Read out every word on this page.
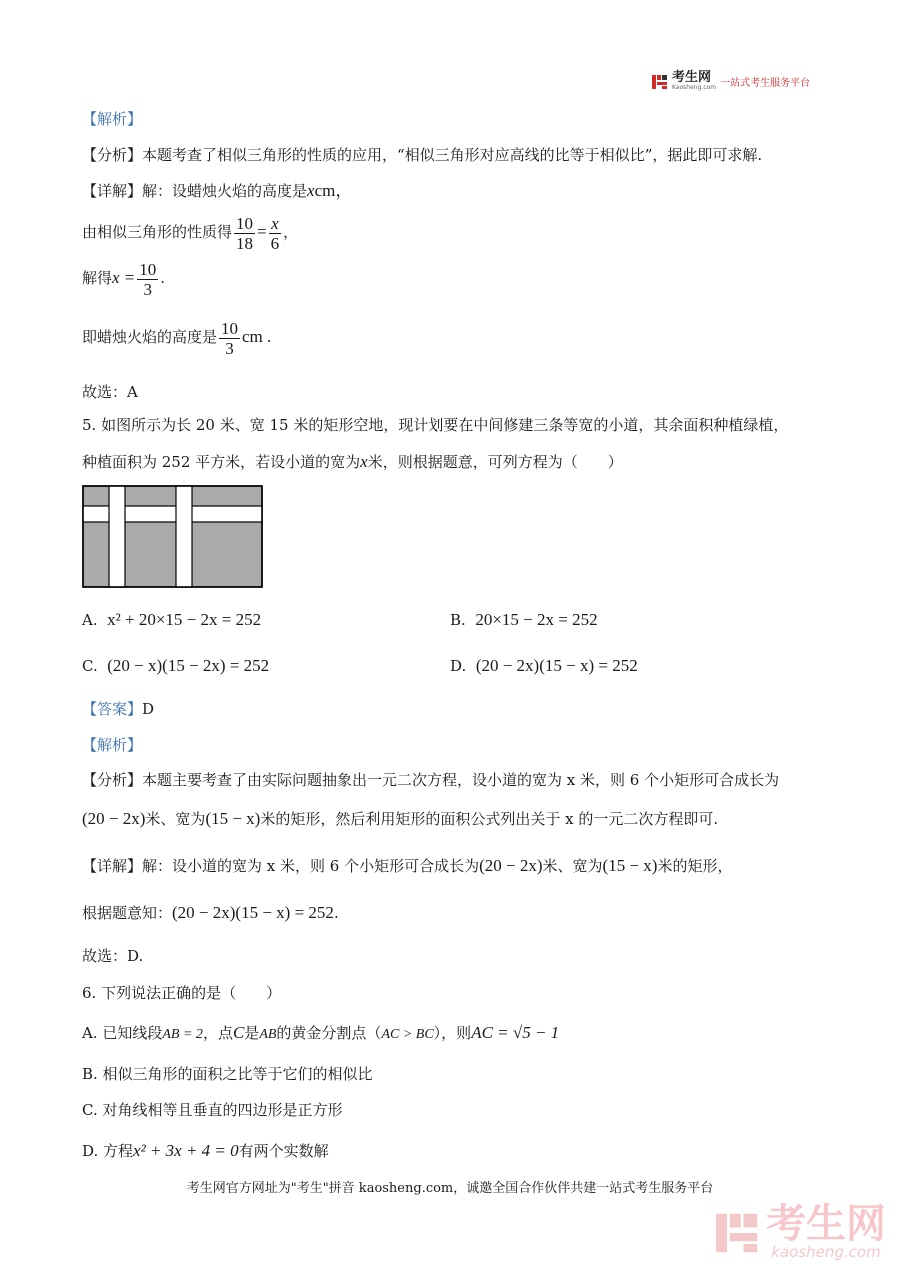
考生网
Kaosheng.com 一站式考生服务平台
【解析】
【分析】本题考查了相似三角形的性质的应用，“相似三角形对应高线的比等于相似比”，据此即可求解.
【详解】解：设蜡烛火焰的高度是xcm，
由相似三角形的性质得 $\frac{10}{18} = \frac{x}{6}$ ，
解得$x = \frac{10}{3}$ .
即蜡烛火焰的高度是 $\frac{10}{3}$ cm .
故选：A
5. 如图所示为长 20 米、宽 15 米的矩形空地，现计划要在中间修建三条等宽的小道，其余面积种植绿植，
种植面积为 252 平方米，若设小道的宽为x米，则根据题意，可列方程为（　　）
A. x² + 20×15 − 2x = 252	B. 20×15 − 2x = 252
C. (20 − x)(15 − 2x) = 252	D. (20 − 2x)(15 − x) = 252
【答案】D
【解析】
【分析】本题主要考查了由实际问题抽象出一元二次方程，设小道的宽为 x 米，则 6 个小矩形可合成长为
(20 − 2x)米、宽为(15 − x)米的矩形，然后利用矩形的面积公式列出关于 x 的一元二次方程即可.
【详解】解：设小道的宽为 x 米，则 6 个小矩形可合成长为(20 − 2x)米、宽为(15 − x)米的矩形，
根据题意知：(20 − 2x)(15 − x) = 252.
故选：D.
6. 下列说法正确的是（　　）
A. 已知线段AB = 2，点C是AB的黄金分割点（AC > BC），则AC = √5 − 1
B. 相似三角形的面积之比等于它们的相似比
C. 对角线相等且垂直的四边形是正方形
D. 方程x² + 3x + 4 = 0有两个实数解
考生网官方网址为"考生"拼音 kaosheng.com，诚邀全国合作伙伴共建一站式考生服务平台
考生网
kaosheng.com
